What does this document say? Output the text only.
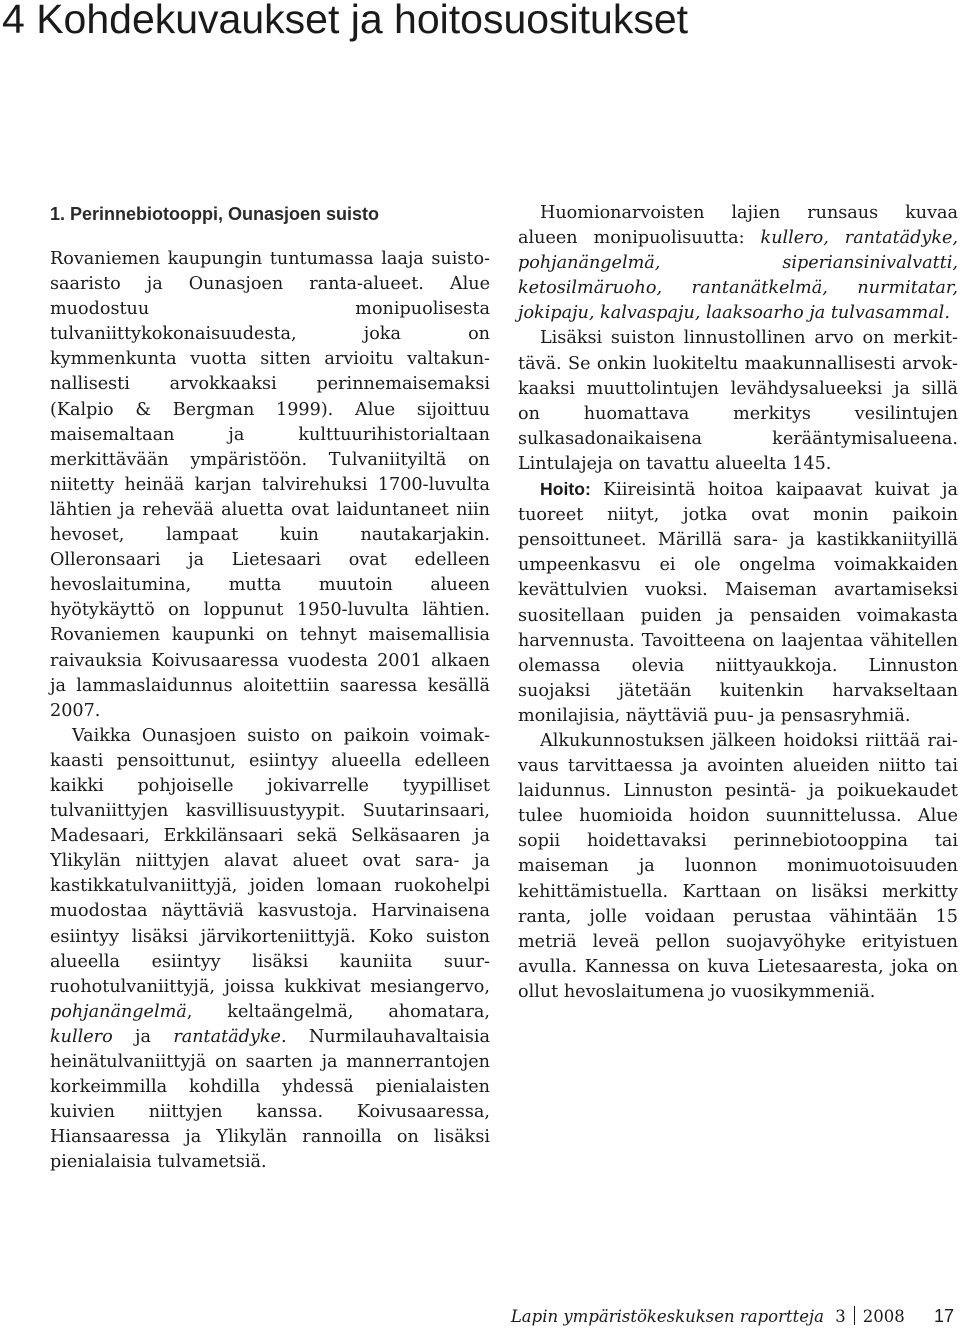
4 Kohdekuvaukset ja hoitosuositukset
1. Perinnebiotooppi, Ounasjoen suisto

Rovaniemen kaupungin tuntumassa laaja suistosaaristo ja Ounasjoen ranta-alueet. Alue muodostuu monipuolisesta tulvaniittykokonaisuudesta, joka on kymmenkunta vuotta sitten arvioitu valtakunnallisesti arvokkaaksi perinnemaisemaksi (Kalpio & Bergman 1999). Alue sijoittuu maisemaltaan ja kulttuurihistorialtaan merkittävään ympäristöön. Tulvaniityiltä on niitetty heinää karjan talvirehuksi 1700-luvulta lähtien ja rehevää aluetta ovat laiduntaneet niin hevoset, lampaat kuin nautakarjakin. Olleronsaari ja Lietesaari ovat edelleen hevoslaitumina, mutta muutoin alueen hyötykäyttö on loppunut 1950-luvulta lähtien. Rovaniemen kaupunki on tehnyt maisemallisia raivauksia Koivusaaressa vuodesta 2001 alkaen ja lammaslaidunnus aloitettiin saaressa kesällä 2007.

Vaikka Ounasjoen suisto on paikoin voimakkaasti pensoittunut, esiintyy alueella edelleen kaikki pohjoiselle jokivarrelle tyypilliset tulvaniittyjen kasvillisuustyypit. Suutarinsaari, Madesaari, Erkkilänsaari sekä Selkäsaaren ja Ylikylän niittyjen alavat alueet ovat sara- ja kastikkatulvaniittyjä, joiden lomaan ruokohelpi muodostaa näyttäviä kasvustoja. Harvinaisena esiintyy lisäksi järvikorteniittyjä. Koko suiston alueella esiintyy lisäksi kauniita suurruohotulvaniittyjä, joissa kukkivat mesiangervo, pohjanängelmä, keltaängelmä, ahomatara, kullero ja rantatädyke. Nurmilauhavaltaisia heinätulvaniittyjä on saarten ja mannerrantojen korkeimmilla kohdilla yhdessä pienialaisten kuivien niittyjen kanssa. Koivusaaressa, Hiansaaressa ja Ylikylän rannoilla on lisäksi pienialaisia tulvametsiä.

Huomionarvoisten lajien runsaus kuvaa alueen monipuolisuutta: kullero, rantatädyke, pohjanängelmä, siperiansinivalvatti, ketosilmäruoho, rantanätkelmä, nurmitatar, jokipaju, kalvaspaju, laaksoarho ja tulvasammal.

Lisäksi suiston linnustollinen arvo on merkittävä. Se onkin luokiteltu maakunnallisesti arvokkaaksi muuttolintujen levähdysalueeksi ja sillä on huomattava merkitys vesilintujen sulkasadonaikaisena kerääntymisalueena. Lintulajeja on tavattu alueelta 145.

Hoito: Kiireisintä hoitoa kaipaavat kuivat ja tuoreet niityt, jotka ovat monin paikoin pensoittuneet. Märillä sara- ja kastikkaniityillä umpeenkasvu ei ole ongelma voimakkaiden kevättulvien vuoksi. Maiseman avartamiseksi suositellaan puiden ja pensaiden voimakasta harvennusta. Tavoitteena on laajentaa vähitellen olemassa olevia niittyaukkoja. Linnuston suojaksi jätetään kuitenkin harvakseltaan monilajisia, näyttäviä puu- ja pensasryhmiä.

Alkukunnostuksen jälkeen hoidoksi riittää raivaus tarvittaessa ja avointen alueiden niitto tai laidunnus. Linnuston pesintä- ja poikuekaudet tulee huomioida hoidon suunnittelussa. Alue sopii hoidettavaksi perinnebiotooppina tai maiseman ja luonnon monimuotoisuuden kehittämistuella. Karttaan on lisäksi merkitty ranta, jolle voidaan perustaa vähintään 15 metriä leveä pellon suojavyöhyke erityistuen avulla. Kannessa on kuva Lietesaaresta, joka on ollut hevoslaitumena jo vuosikymmeniä.

Lapin ympäristökeskuksen raportteja 3 2008 17
